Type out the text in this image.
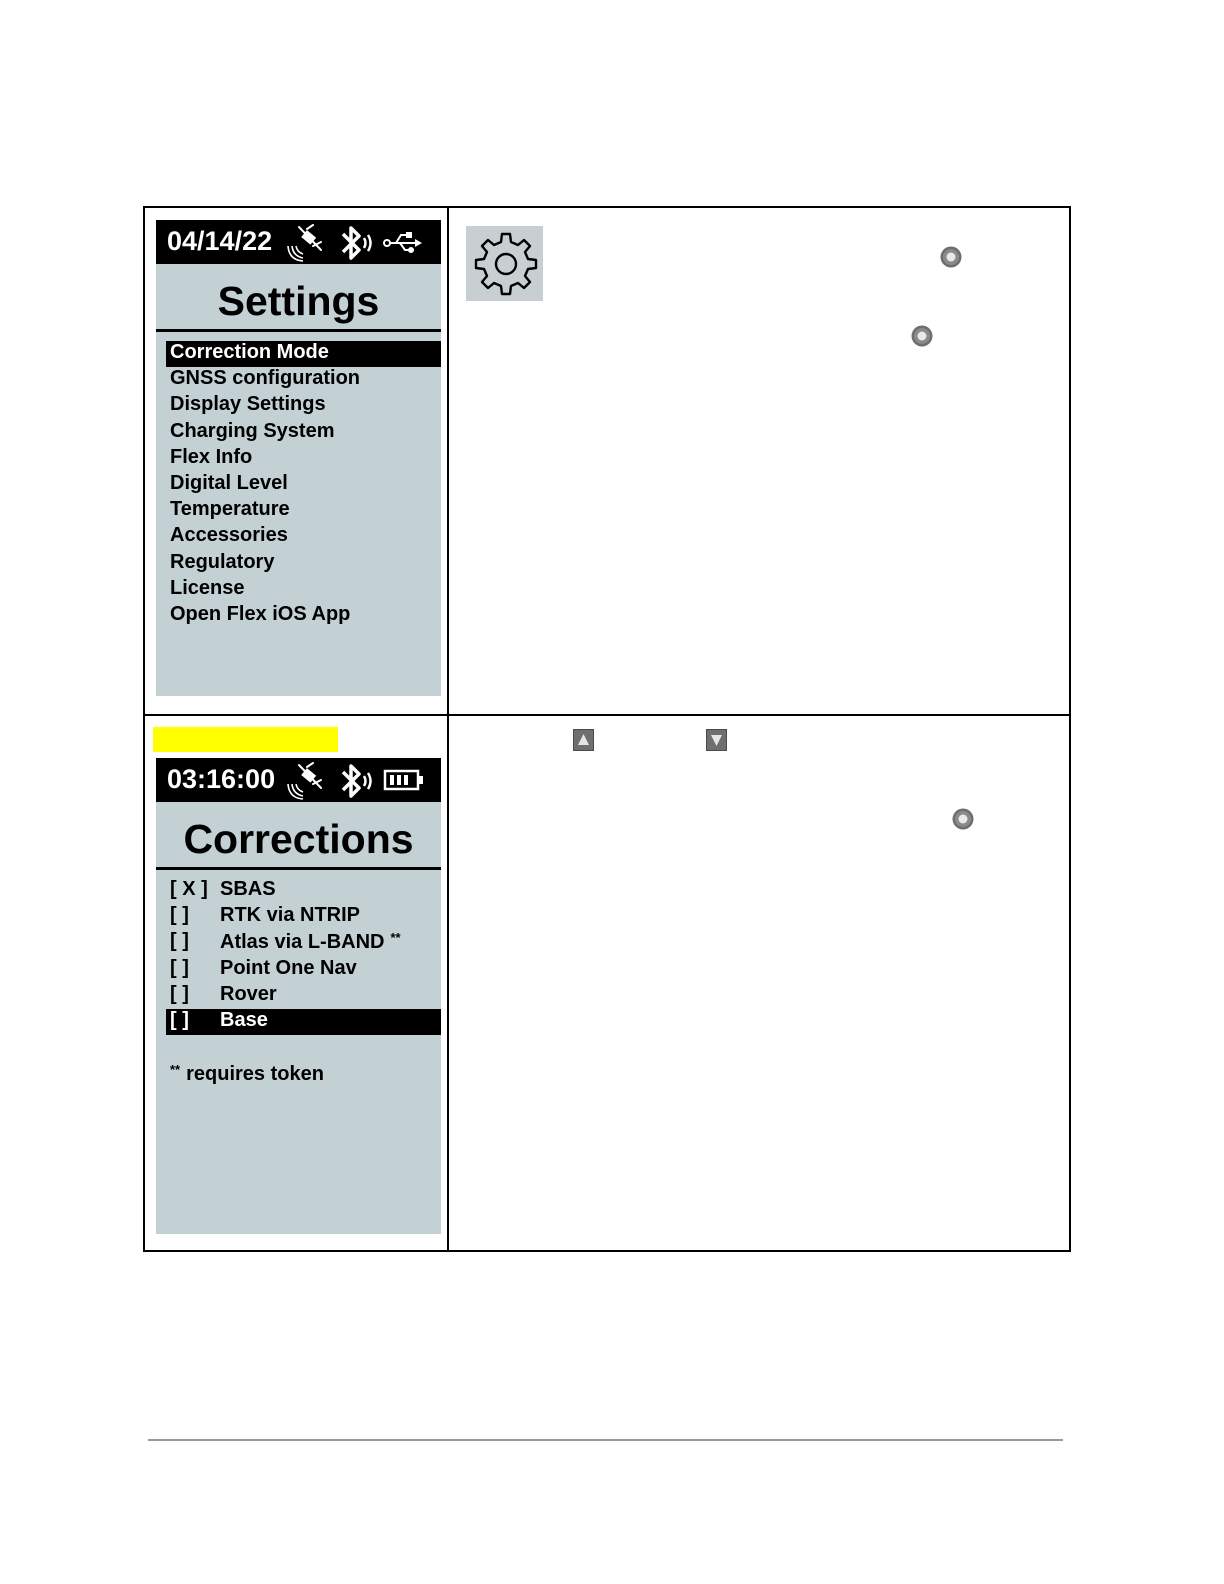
04/14/22
Settings
Correction Mode
GNSS configuration
Display Settings
Charging System
Flex Info
Digital Level
Temperature
Accessories
Regulatory
License
Open Flex iOS App
03:16:00
Corrections
[ X ] SBAS
[ ] RTK via NTRIP
[ ] Atlas via L-BAND **
[ ] Point One Nav
[ ] Rover
[ ] Base
** requires token
